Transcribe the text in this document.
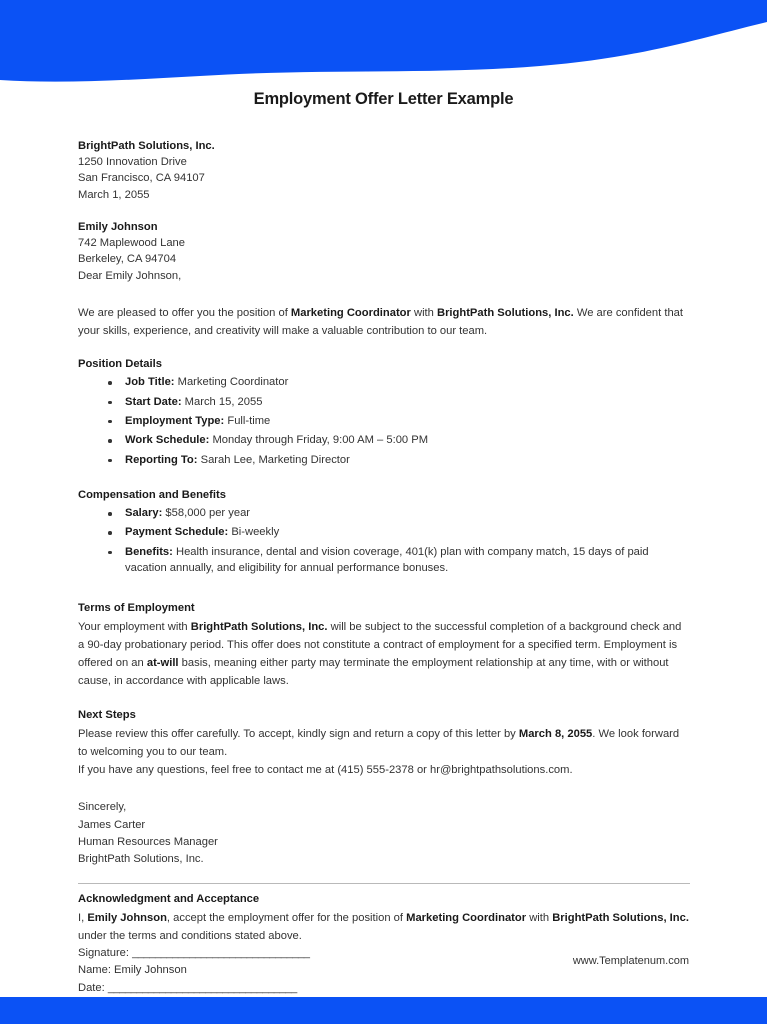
Employment Offer Letter Example
BrightPath Solutions, Inc.
1250 Innovation Drive
San Francisco, CA 94107
March 1, 2055
Emily Johnson
742 Maplewood Lane
Berkeley, CA 94704
Dear Emily Johnson,

We are pleased to offer you the position of Marketing Coordinator with BrightPath Solutions, Inc. We are confident that your skills, experience, and creativity will make a valuable contribution to our team.

Position Details
Job Title: Marketing Coordinator
Start Date: March 15, 2055
Employment Type: Full-time
Work Schedule: Monday through Friday, 9:00 AM – 5:00 PM
Reporting To: Sarah Lee, Marketing Director
Compensation and Benefits
Salary: $58,000 per year
Payment Schedule: Bi-weekly
Benefits: Health insurance, dental and vision coverage, 401(k) plan with company match, 15 days of paid vacation annually, and eligibility for annual performance bonuses.
Terms of Employment

Your employment with BrightPath Solutions, Inc. will be subject to the successful completion of a background check and a 90-day probationary period. This offer does not constitute a contract of employment for a specified term. Employment is offered on an at-will basis, meaning either party may terminate the employment relationship at any time, with or without cause, in accordance with applicable laws.

Next Steps

Please review this offer carefully. To accept, kindly sign and return a copy of this letter by March 8, 2055. We look forward to welcoming you to our team.

If you have any questions, feel free to contact me at (415) 555-2378 or hr@brightpathsolutions.com.

Sincerely,
James Carter
Human Resources Manager
BrightPath Solutions, Inc.
Acknowledgment and Acceptance

I, Emily Johnson, accept the employment offer for the position of Marketing Coordinator with BrightPath Solutions, Inc. under the terms and conditions stated above.

Signature: _______________________________
Name: Emily Johnson
Date: _________________________________
www.Templatenum.com
